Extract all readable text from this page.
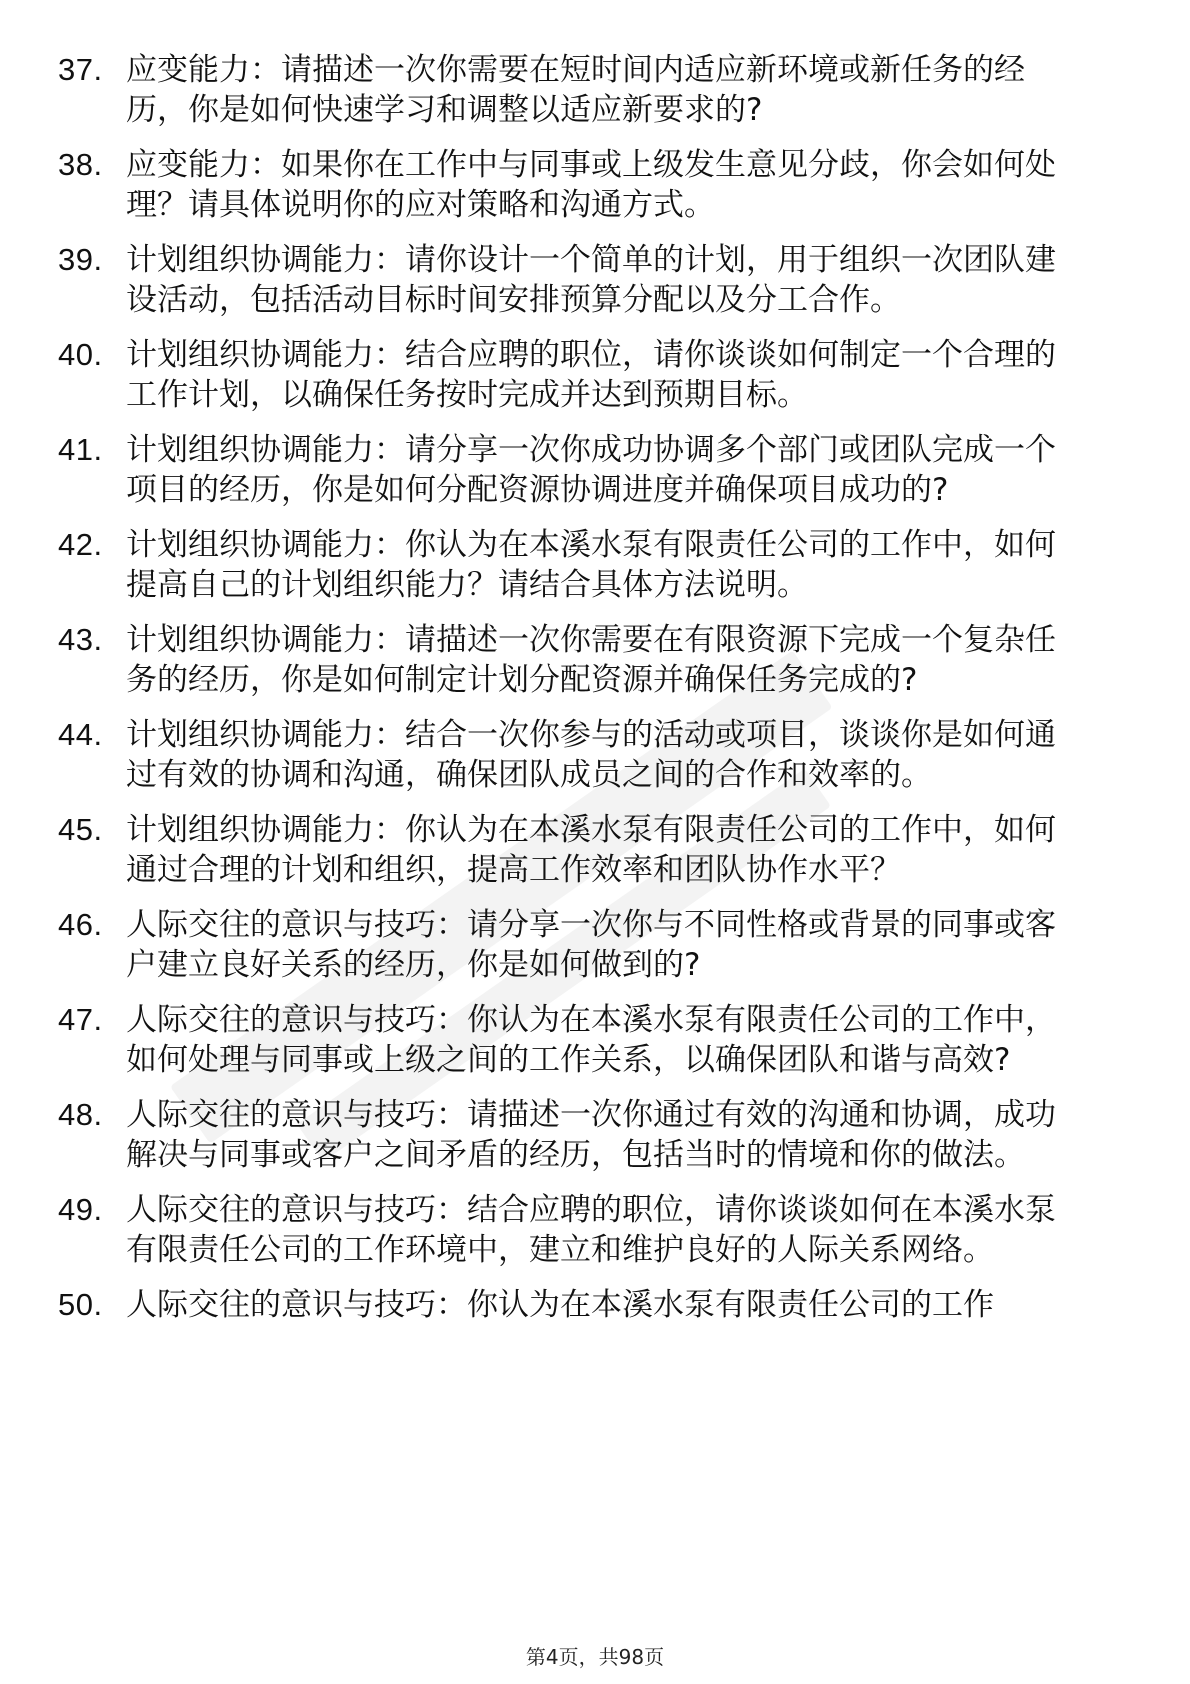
37. 应变能力：请描述一次你需要在短时间内适应新环境或新任务的经历，你是如何快速学习和调整以适应新要求的?
38. 应变能力：如果你在工作中与同事或上级发生意见分歧，你会如何处理？请具体说明你的应对策略和沟通方式。
39. 计划组织协调能力：请你设计一个简单的计划，用于组织一次团队建设活动，包括活动目标时间安排预算分配以及分工合作。
40. 计划组织协调能力：结合应聘的职位，请你谈谈如何制定一个合理的工作计划，以确保任务按时完成并达到预期目标。
41. 计划组织协调能力：请分享一次你成功协调多个部门或团队完成一个项目的经历，你是如何分配资源协调进度并确保项目成功的?
42. 计划组织协调能力：你认为在本溪水泵有限责任公司的工作中，如何提高自己的计划组织能力？请结合具体方法说明。
43. 计划组织协调能力：请描述一次你需要在有限资源下完成一个复杂任务的经历，你是如何制定计划分配资源并确保任务完成的?
44. 计划组织协调能力：结合一次你参与的活动或项目，谈谈你是如何通过有效的协调和沟通，确保团队成员之间的合作和效率的。
45. 计划组织协调能力：你认为在本溪水泵有限责任公司的工作中，如何通过合理的计划和组织，提高工作效率和团队协作水平？
46. 人际交往的意识与技巧：请分享一次你与不同性格或背景的同事或客户建立良好关系的经历，你是如何做到的?
47. 人际交往的意识与技巧：你认为在本溪水泵有限责任公司的工作中，如何处理与同事或上级之间的工作关系，以确保团队和谐与高效?
48. 人际交往的意识与技巧：请描述一次你通过有效的沟通和协调，成功解决与同事或客户之间矛盾的经历，包括当时的情境和你的做法。
49. 人际交往的意识与技巧：结合应聘的职位，请你谈谈如何在本溪水泵有限责任公司的工作环境中，建立和维护良好的人际关系网络。
50. 人际交往的意识与技巧：你认为在本溪水泵有限责任公司的工作
第4页，共98页
